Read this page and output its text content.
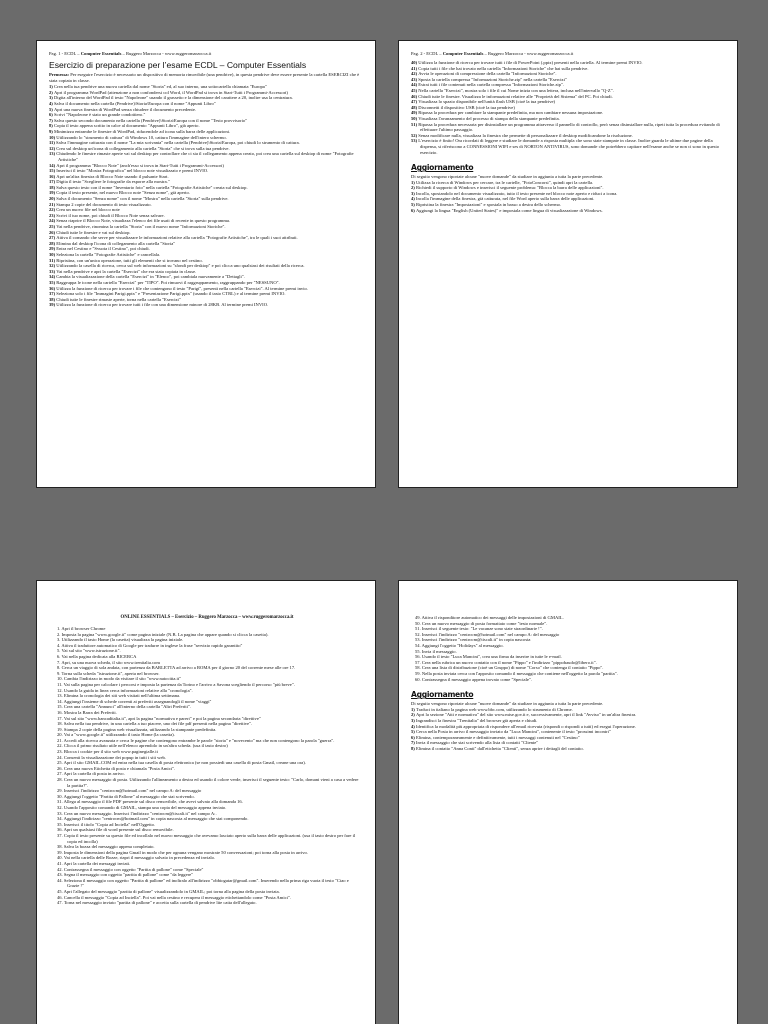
Pag. 1 - ECDL – Computer Essentials – Ruggero Marzocca - www.ruggeromarzocca.it
Esercizio di preparazione per l’esame ECDL – Computer Essentials
Premessa: Per eseguire l'esercizio è necessario un dispositivo di memoria rimovibile (una pendrive), in questa pendrive deve essere presente la cartella ESERCIZI che è stata copiata in classe.
1) Crea nella tua pendrive una nuova cartella dal nome "Storia" ed, al suo interno, una sottocartella chiamata "Europa"
2) Apri il programma WordPad (attenzione a non confondersi col Word, il WordPad si trova in Start-Tutti i Programmi-Accessori)
3) Digita all'interno del WordPad il testo "Napoleone" usando il grassetto e la dimensione del carattere a 20, inoltre usa la centratura.
4) Salva il documento nella cartella (Pendrive)\Storia\Europa con il nome "Appunti Libro"
5) Apri una nuova finestra di WordPad senza chiudere il documento precedente.
6) Scrivi "Napoleone è stato un grande condottiero."
7) Salva questo secondo documento nella cartella (Pendrive)\Storia\Europa con il nome "Testo provvisorio"
8) Copia il testo appena scritto in calce al documento "Appunti Libro", già aperto.
9) Minimizza entrambe le finestre di WordPad, riducendole ad icona sulla barra delle applicazioni.
10) Utilizzando lo "strumento di cattura" di Windows 10, cattura l'immagine dell'intero schermo.
11) Salva l'immagine catturata con il nome "La mia scrivania" nella cartella (Pendrive)\Storia\Europa, poi chiudi lo strumento di cattura.
12) Crea sul desktop un'icona di collegamento alla cartella "Storia" che si trova sulla tua pendrive.
13) Chiudendo le finestre rimaste aperte vai sul desktop per controllare che ci sia il collegamento appena creato, poi crea una cartella sul desktop di nome "Fotografie Artistiche"
14) Apri il programma "Blocco Note" (anch'esso si trova in Start-Tutti i Programmi-Accessori)
15) Inserisci il testo "Mostra Fotografica" nel blocco note visualizzato e premi INVIO.
16) Apri un'altra finestra di Blocco Note usando il pulsante Start.
17) Digita il testo "Scegliere le fotografie da esporre alla mostra."
18) Salva questo testo con il nome "Inventario foto" nella cartella "Fotografie Artistiche" creata sul desktop.
19) Copia il testo presente, nel nuovo Blocco note "Senza nome", già aperto.
20) Salva il documento "Senza nome" con il nome "Mostra" nella cartella "Storia" sulla pendrive.
21) Stampa 2 copie del documento di testo visualizzato.
22) Crea un nuovo file nel blocco note
23) Scrivi il tuo nome, poi chiudi il Blocco Note senza salvare.
24) Senza riaprire il Blocco Note, visualizza l'elenco dei file usati di recente in questo programma.
25) Vai nella pendrive, rinomina la cartella "Storia" con il nuovo nome "Informazioni Storiche".
26) Chiudi tutte le finestre e vai sul desktop.
27) Attiva il comando che serve per visualizzare le informazioni relative alla cartella "Fotografie Artistiche", tra le quali i suoi attributi.
28) Elimina dal desktop l'icona di collegamento alla cartella "Storia"
29) Entra nel Cestino e "Svuota il Cestino", poi chiudi.
30) Seleziona la cartella "Fotografie Artistiche" e cancellala.
31) Ripristina, con un'unica operazione, tutti gli elementi che si trovano nel cestino.
32) Utilizzando la casella di ricerca, cerca sul web informazioni su "sfondi per desktop" e poi clicca uno qualsiasi dei risultati della ricerca.
33) Vai nella pendrive e apri la cartella "Esercizi" che era stata copiata in classe.
34) Cambia la visualizzazione della cartella "Esercizi" in "Elenco", poi cambiala nuovamente a "Dettagli".
35) Raggruppa le icone nella cartella "Esercizi" per "TIPO". Poi rimuovi il raggruppamento, raggruppando per "NESSUNO".
36) Utilizza la funzione di ricerca per trovare i file che contengono il testo "Parigi", presenti nella cartella "Esercizi". Al termine premi invio.
37) Seleziona solo i file "Immagini Parigi.pptx" e "Presentazione Parigi.pptx" (usando il tasto CTRL) e al termine premi INVIO.
38) Chiudi tutte le finestre rimaste aperte, torna nella cartella "Esercizi"
39) Utilizza la funzione di ricerca per trovare tutti i file con una dimensione minore di 28KB. Al termine premi INVIO.
Pag. 2 - ECDL – Computer Essentials – Ruggero Marzocca - www.ruggeromarzocca.it
40) Utilizza la funzione di ricerca per trovare tutti i file di PowerPoint (.pptx) presenti nella cartella. Al termine premi INVIO.
41) Copia tutti i file che hai trovato nella cartella "Informazioni Storiche" che hai sulla pendrive.
42) Avvia le operazioni di compressione della cartella "Informazioni Storiche".
43) Sposta la cartella compressa "Informazioni Storiche.zip" nella cartella "Esercizi"
44) Estrai tutti i file contenuti nella cartella compressa "Informazioni Storiche.zip".
45) Nella cartella "Esercizi", mostra solo i file il cui Nome inizia con una lettera, inclusa nell'intervallo "Q-Z".
46) Chiudi tutte le finestre. Visualizza le informazioni relative alle "Proprietà del Sistema" del PC. Poi chiudi.
47) Visualizza lo spazio disponibile nell'unità flash USB (cioè la tua pendrive)
48) Disconnetti il dispositivo USB (cioè la tua pendrive)
49) Ripassa la procedura per cambiare la stampante predefinita, ma non cambiare nessuna impostazione.
50) Visualizza l'avanzamento del processo di stampa della stampante predefinita.
51) Ripassa la procedura necessaria per disinstallare un programma attraverso il pannello di controllo, però senza disinstallare nulla, ripeti tutta la procedura evitando di effettuare l'ultimo passaggio.
52) Senza modificare nulla, visualizza la finestra che permette di personalizzare il desktop modificandone la risoluzione.
53) L'esercizio è finito! Ora ricordati di leggere e studiare le domande a risposta multipla che sono state stampate in classe. Inoltre guarda le ultime due pagine della dispensa, si riferiscono a CONNESSIONI WIFI e ses di NORTON ANTIVIRUS, sono domande che potrebbero capitare nell'esame anche se non ci sono in questo esercizio.
Aggiornamento
Di seguito vengono riportate alcune "nuove domande" da studiare in aggiunta a tutta la parte precedente.
1) Utilizza la ricerca di Windows per cercare, tra le cartelle, "FotoConcorsi", quindi apri la cartella.
2) Richiedi il supporto di Windows e inserisci il seguente problema: "Blocca la barra delle applicazioni".
3) Incolla, spostandolo nel documento visualizzato, tutto il testo presente nel blocco note aperto e riduci a icona.
4) Incolla l'immagine della finestra, già catturata, nel file Word aperto sulla barra delle applicazioni.
5) Ripristina la finestra "Impostazioni" e spostala in basso a destra dello schermo.
6) Aggiungi la lingua "English (United States)" e impostala come lingua di visualizzazione di Windows.
ONLINE ESSENTIALS – Esercizio – Ruggero Marzocca – www.ruggeromarzocca.it
1. Apri il browser Chrome
2. Imposta la pagina "www.google.it" come pagina iniziale (N.B. La pagina che appare quando si clicca la casetta).
3. Utilizzando il tasto Home (la casetta) visualizza la pagina iniziale.
4. Attiva il traduttore automatico di Google per tradurre in inglese la frase "servizio rapido garantito"
5. Vai sul sito "www.istruzione.it".
6. Vai nella pagina dedicata alla RICERCA
7. Apri, su una nuova scheda, il sito www.trenitalia.com
8. Cerca un viaggio di sola andata, con partenza da BARLETTA ad arrivo a ROMA per il giorno 20 del corrente mese alle ore 17.
9. Torna sulla scheda "istruzione.it", aperta nel browser.
10. Cambia l'indirizzo in modo da visitare il sito "www.natocitta.it"
11. Vai sulla pagina per calcolare i percorsi e imposta la partenza da Torino e l'arrivo a Savona scegliendo il percorso "più breve".
12. Usando la guida in linea cerca informazioni relative alla "cronologia".
13. Elimina la cronologia dei siti web visitati nell'ultima settimana.
14. Aggiungi l'insieme di schede correnti ai preferiti assegnandogli il nome "viaggi"
15. Crea una cartella "Annunci" all'interno della cartella "Altri Preferiti".
16. Mostra la Barra dei Preferiti.
17. Vai sul sito "www.bancaditalia.it", apri la pagina "normativa e pareri" e poi la pagina secondaria "direttive"
18. Salva nella tua pendrive, in una cartella a tuo piacere, uno dei file pdf presenti nella pagina "direttive".
19. Stampa 2 copie della pagina web visualizzata, utilizzando la stampante predefinita.
20. Vai a "www.google.it" utilizzando il tasto Home (la casetta).
21. Accedi alla ricerca avanzata e cerca le pagine che contengono entrambe le parole "storia" e "novecento" ma che non contengono la parola "guerra".
22. Clicca il primo risultato utile nell'elenco aprendolo in un'altra scheda. (usa il tasto destro)
23. Blocca i cookie per il sito web www.paginegialle.it
24. Consenti la visualizzazione dei popup in tutti i siti web.
25. Apri il sito GMAIL.COM ed entra nella tua casella di posta elettronica (se non possiedi una casella di posta Gmail, creane una ora).
26. Crea una nuova Etichetta di posta e chiamala "Posta Amici".
27. Apri la cartella di posta in arrivo.
28. Crea un nuovo messaggio di posta. Utilizzando l'allineamento a destra ed usando il colore verde, inserisci il seguente testo: "Carlo, domani vieni a casa a vedere la partita?".
29. Inserisci l'indirizzo "centrocm@hotmail.com" nel campo A: del messaggio
30. Aggiungi l'oggetto "Partita di Pallone" al messaggio che stai scrivendo.
31. Allega al messaggio il file PDF presente sul disco removibile, che avevi salvato alla domanda 16.
32. Usando l'apposito comando di GMAIL, stampa una copia del messaggio appena inviato.
33. Crea un nuovo messaggio. Inserisci l'indirizzo "centrocm@tiscali.it" nel campo A:.
34. Aggiungi l'indirizzo "centrocm@hotmail.com" in copia nascosta al messaggio che stai componendo.
35. Inserisci il titolo "Copia ad Inciella" nell'Oggetto.
36. Apri un qualsiasi file di word presente sul disco removibile.
37. Copia il testo presente su questo file ed incollalo nel nuovo messaggio che avevamo lasciato aperto sulla barra delle applicazioni. (usa il tasto destro per fare il copia ed incolla)
38. Salva la bozza del messaggio appena completato.
39. Imposta le dimensioni della pagina Gmail in modo che per ognuna vengano mostrate 50 conversazioni; poi torna alla posta in arrivo.
40. Vai nella cartella delle Bozze, riapri il messaggio salvato in precedenza ed invialo.
41. Apri la cartella dei messaggi inviati.
42. Contrassegna il messaggio con oggetto "Partita di pallone" come "Speciale"
43. Segna il messaggio con oggetto "partita di pallone" come "da leggere"
44. Seleziona il messaggio con oggetto "Partita di pallone" ed inoltralo all'indirizzo "obbiogatar@gmail.com". Inserendo nella prima riga vuota il testo "Ciao e Grazie !"
45. Apri l'allegato del messaggio "partita di pallone" visualizzandolo in GMAIL; poi torna alla pagina della posta inviata.
46. Cancella il messaggio "Copia ad Inciella". Poi vai nella cestino e recupera il messaggio etichettandolo come "Posta Amici".
47. Torna nel messaggio inviato "partita di pallone" e accetta sulla cartella di pendrive lite catta dell'allegato.
49. Attiva il risponditore automatico dei messaggi delle impostazioni di GMAIL.
50. Crea un nuovo messaggio di posta formattato come "testo normale".
51. Inserisci il seguente testo: "Le vacanze sono state straordinarie !".
52. Inserisci l'indirizzo "centrocm@hotmail.com" nel campo A: del messaggio
53. Inserisci l'indirizzo "centrocm@tiscali.it" in copia nascosta
54. Aggiungi l'oggetto "Holidays" al messaggio.
55. Invia il messaggio.
56. Usando il testo "Luca Mancini", crea una firma da inserire in tutte le e-mail.
57. Crea nella rubrica un nuovo contatto con il nome "Pippo" e l'indirizzo "pippobaudo@libero.it".
58. Crea una lista di distribuzione (cioè un Gruppo) di nome "Corso" che contenga il contatto "Pippo".
59. Nella posta inviata cerca con l'apposito comando il messaggio che contiene nell'oggetto la parola "partita".
60. Contrassegna il messaggio appena trovato come "Speciale".
Aggiornamento
Di seguito vengono riportate alcune "nuove domande" da studiare in aggiunta a tutta la parte precedente.
1) Traduci in italiano la pagina web www.bbc.com, utilizzando lo strumento di Chrome.
2) Apri la sezione "Atti e normativa" del sito www.mise.gov.it e, successivamente, apri il link "Avviso" in un'altra finestra.
3) Ingrandisci la finestra "Trenitalia" del browser già aperta e chiudi.
4) Identifica la modalità più appropriata di rispondere all'email ricevuta (rispondi o rispondi a tutti) ed esegui l'operazione.
5) Cerca nella Posta in arrivo il messaggio inviato da "Luca Mancini", contenente il testo "prossimi incontri"
6) Elimina, contemporaneamente e definitivamente, tutti i messaggi contenuti nel "Cestino"
7) Invia il messaggio che stai scrivendo alla lista di contatti "Cliente"
8) Elimina il contatto "Anna Conti" dall'etichetta "Clienti", senza aprire i dettagli del contatto.
